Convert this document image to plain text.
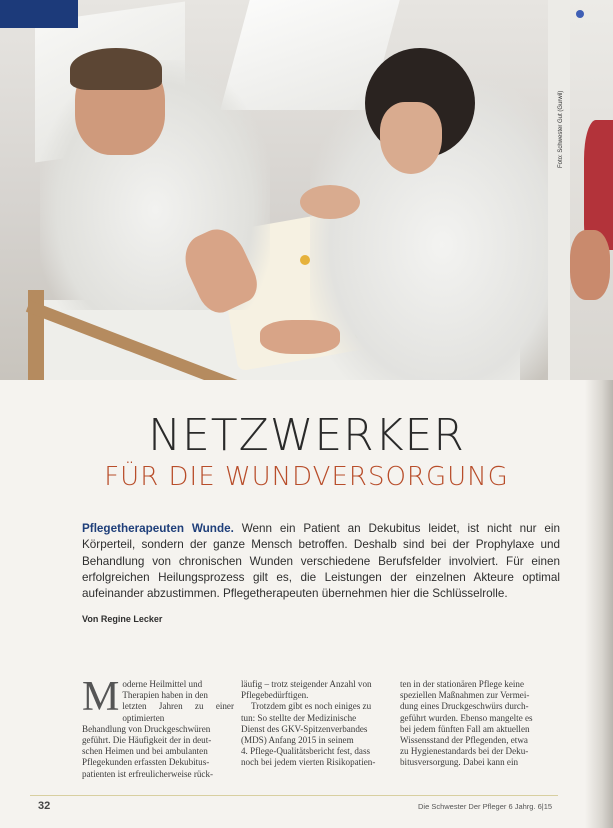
Foto: Schwester Gut (Gurwil)
NETZWERKER
FÜR DIE WUNDVERSORGUNG

Pflegetherapeuten Wunde. Wenn ein Patient an Dekubitus leidet, ist nicht nur ein Körperteil, sondern der ganze Mensch betroffen. Deshalb sind bei der Prophylaxe und Behandlung von chronischen Wunden verschiedene Berufsfelder involviert. Für einen erfolgreichen Heilungsprozess gilt es, die Leistungen der einzelnen Akteure optimal aufeinander abzustimmen. Pflegetherapeuten übernehmen hier die Schlüsselrolle.

Von Regine Lecker
M oderne Heilmittel und
Therapien haben in den
letzten Jahren zu einer optimierten
Behandlung von Druckgeschwüren
geführt. Die Häufigkeit der in deut-
schen Heimen und bei ambulanten
Pflegekunden erfassten Dekubitus-
patienten ist erfreulicherweise rück-
läufig – trotz steigender Anzahl von
Pflegebedürftigen.
Trotzdem gibt es noch einiges zu
tun: So stellte der Medizinische
Dienst des GKV-Spitzenverbandes
(MDS) Anfang 2015 in seinem
4. Pflege-Qualitätsbericht fest, dass
noch bei jedem vierten Risikopatien-
ten in der stationären Pflege keine
speziellen Maßnahmen zur Vermei-
dung eines Druckgeschwürs durch-
geführt wurden. Ebenso mangelte es
bei jedem fünften Fall am aktuellen
Wissensstand der Pflegenden, etwa
zu Hygienestandards bei der Deku-
bitusversorgung. Dabei kann ein
32	Die Schwester Der Pfleger 6 Jahrg. 6|15
